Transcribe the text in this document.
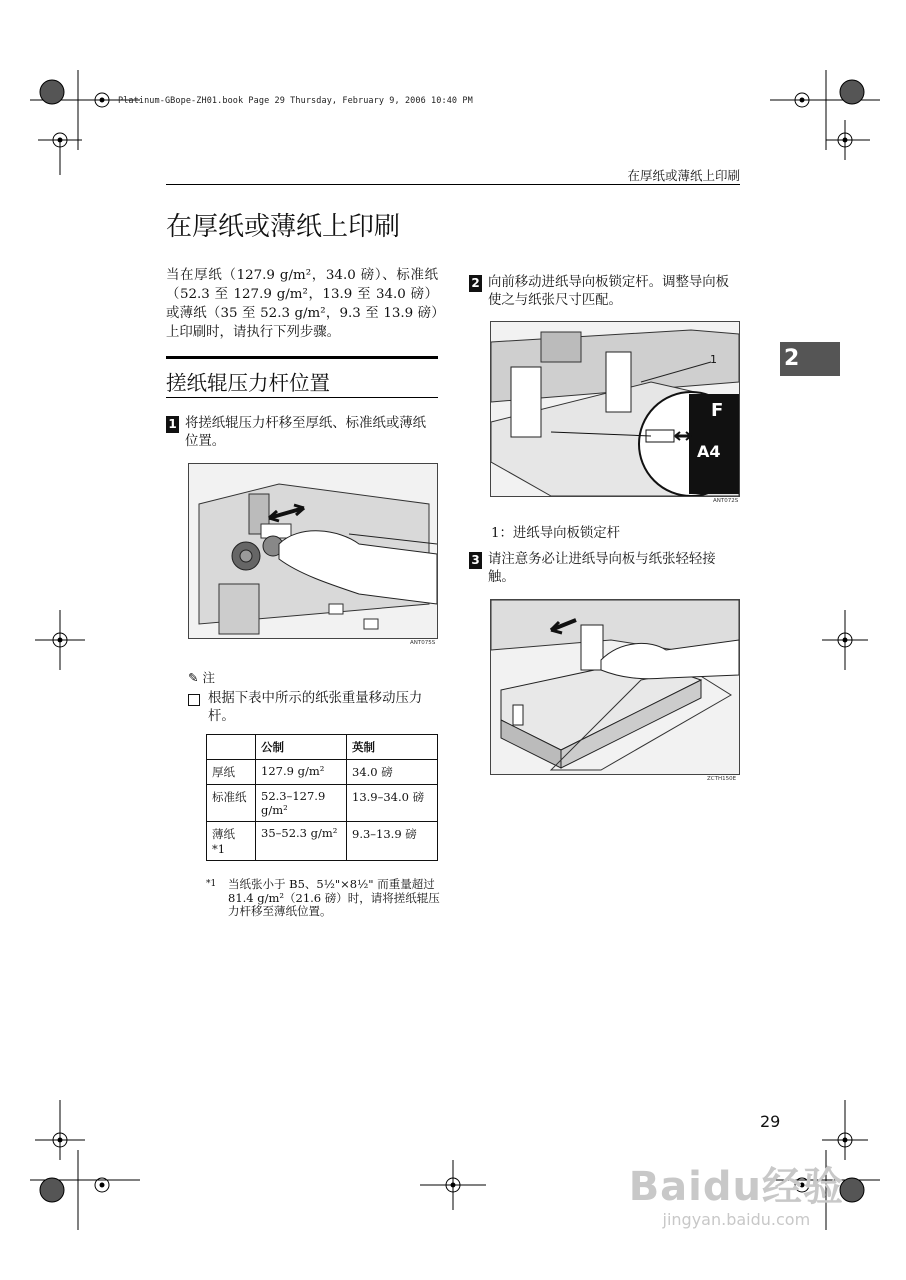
Platinum-GBope-ZH01.book Page 29 Thursday, February 9, 2006 10:40 PM
在厚纸或薄纸上印刷
在厚纸或薄纸上印刷
当在厚纸（127.9 g/m²，34.0 磅）、标准纸（52.3 至 127.9 g/m²，13.9 至 34.0 磅）或薄纸（35 至 52.3 g/m²，9.3 至 13.9 磅）上印刷时，请执行下列步骤。
搓纸辊压力杆位置
1 将搓纸辊压力杆移至厚纸、标准纸或薄纸位置。
ANT075S
✎ 注
根据下表中所示的纸张重量移动压力杆。
	公制	英制
厚纸	127.9 g/m²	34.0 磅
标准纸	52.3–127.9 g/m²	13.9–34.0 磅
薄纸 *1	35–52.3 g/m²	9.3–13.9 磅
*1	当纸张小于 B5、5½"×8½" 而重量超过 81.4 g/m²（21.6 磅）时，请将搓纸辊压力杆移至薄纸位置。
2 向前移动进纸导向板锁定杆。调整导向板使之与纸张尺寸匹配。
1
F
A4
ANT072S
1：进纸导向板锁定杆
3 请注意务必让进纸导向板与纸张轻轻接触。
ZCTH150E
2
29
Baidu经验
jingyan.baidu.com
